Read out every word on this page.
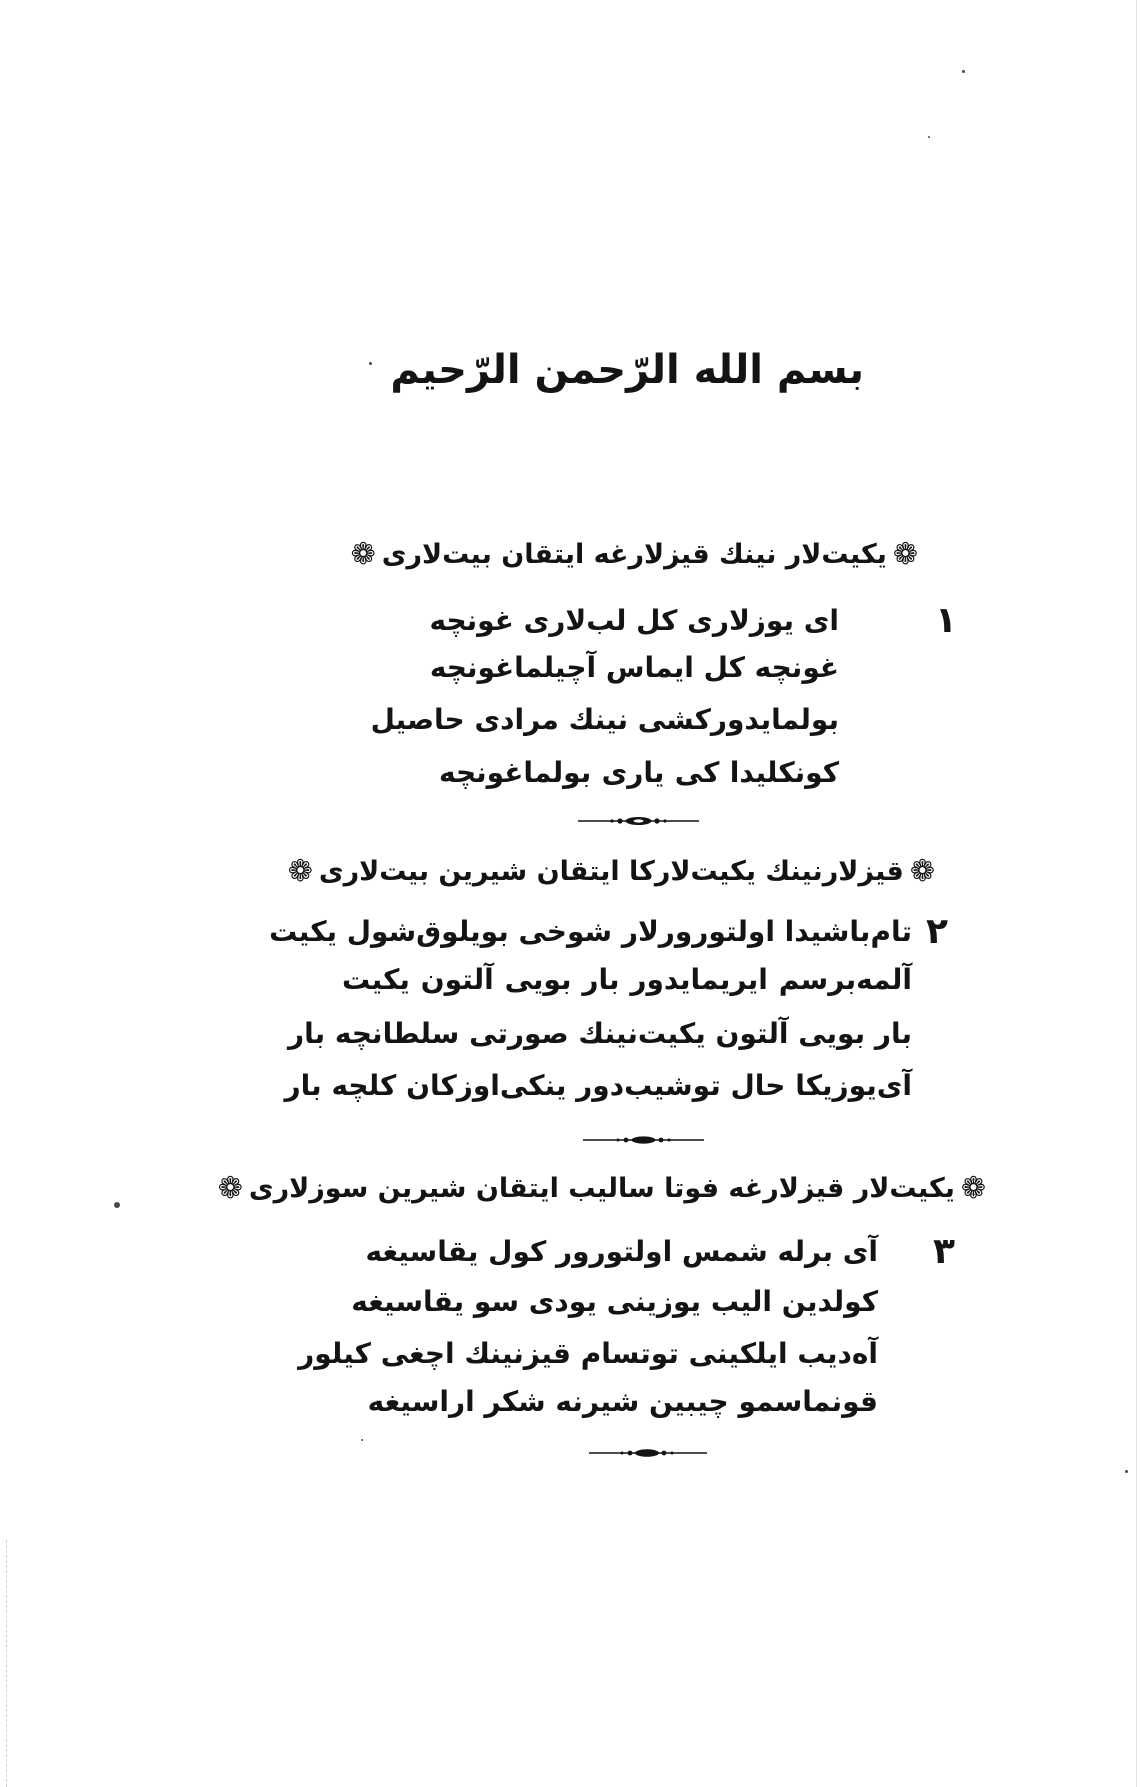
بسم الله الرّحمن الرّحيم
❁
یکیت‌لار نینك قیزلارغه ایتقان بیت‌لاری
❁
۱
ای یوزلاری کل لب‌لاری غونچه
غونچه کل ایماس آچیلماغونچه
بولمایدورکشی نینك مرادی حاصیل
کونکلیدا کی یاری بولماغونچه
❁
قیزلارنینك یکیت‌لارکا ایتقان شیرین بیت‌لاری
❁
۲
تام‌باشیدا اولتورورلار شوخی بویلوق‌شول یکیت
آلمه‌برسم ایریمایدور بار بویی آلتون یکیت
بار بویی آلتون یکیت‌نینك صورتی سلطانچه بار
آی‌یوزیکا حال توشیب‌دور ینکی‌اوزکان کلچه بار
❁
یکیت‌لار قیزلارغه فوتا سالیب ایتقان شیرین سوزلاری
❁
۳
آی برله شمس اولتورور کول یقاسیغه
کولدین الیب یوزینی یودی سو یقاسیغه
آه‌دیب ایلکینی توتسام قیزنینك اچغی کیلور
قونماسمو چیبین شیرنه شکر اراسیغه
